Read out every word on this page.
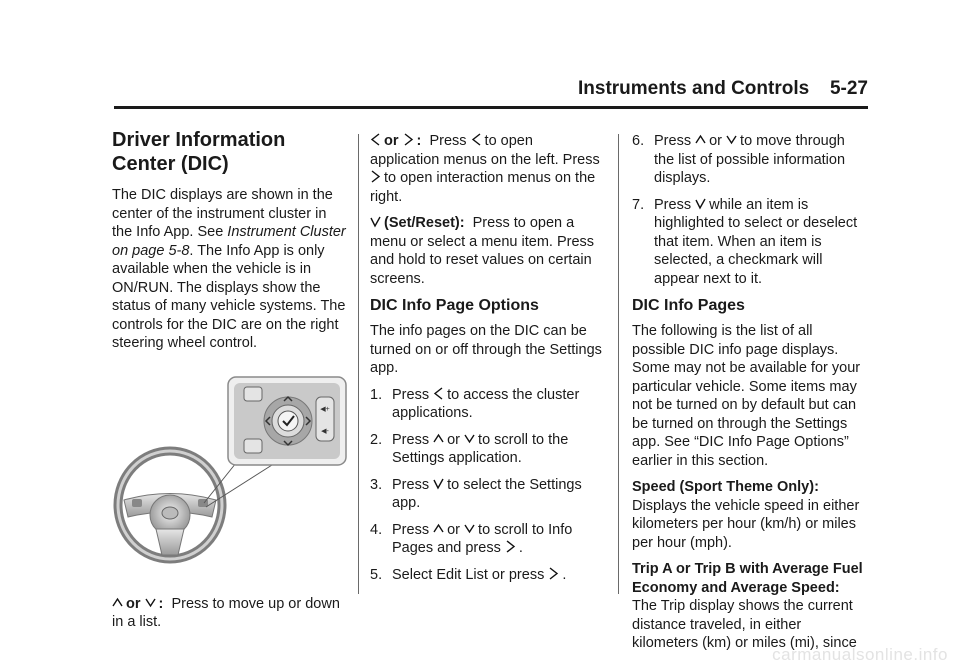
Instruments and Controls 5-27
Driver Information Center (DIC)

The DIC displays are shown in the center of the instrument cluster in the Info App. See Instrument Cluster on page 5-8. The Info App is only available when the vehicle is in ON/RUN. The displays show the status of many vehicle systems. The controls for the DIC are on the right steering wheel control.

◀+
◀-

or : Press to move up or down in a list.

or : Press to open application menus on the left. Press
to open interaction menus on the right.

(Set/Reset): Press to open a menu or select a menu item. Press and hold to reset values on certain screens.

DIC Info Page Options

The info pages on the DIC can be turned on or off through the Settings app.

1. Press to access the cluster applications.
2. Press or to scroll to the Settings application.
3. Press to select the Settings app.
4. Press or to scroll to Info Pages and press .
5. Select Edit List or press .
6. Press or to move through the list of possible information displays.
7. Press while an item is highlighted to select or deselect that item. When an item is selected, a checkmark will appear next to it.
DIC Info Pages

The following is the list of all possible DIC info page displays. Some may not be available for your particular vehicle. Some items may not be turned on by default but can be turned on through the Settings app. See “DIC Info Page Options” earlier in this section.

Speed (Sport Theme Only):
Displays the vehicle speed in either kilometers per hour (km/h) or miles per hour (mph).

Trip A or Trip B with Average Fuel Economy and Average Speed:
The Trip display shows the current distance traveled, in either kilometers (km) or miles (mi), since

carmanualsonline.info
